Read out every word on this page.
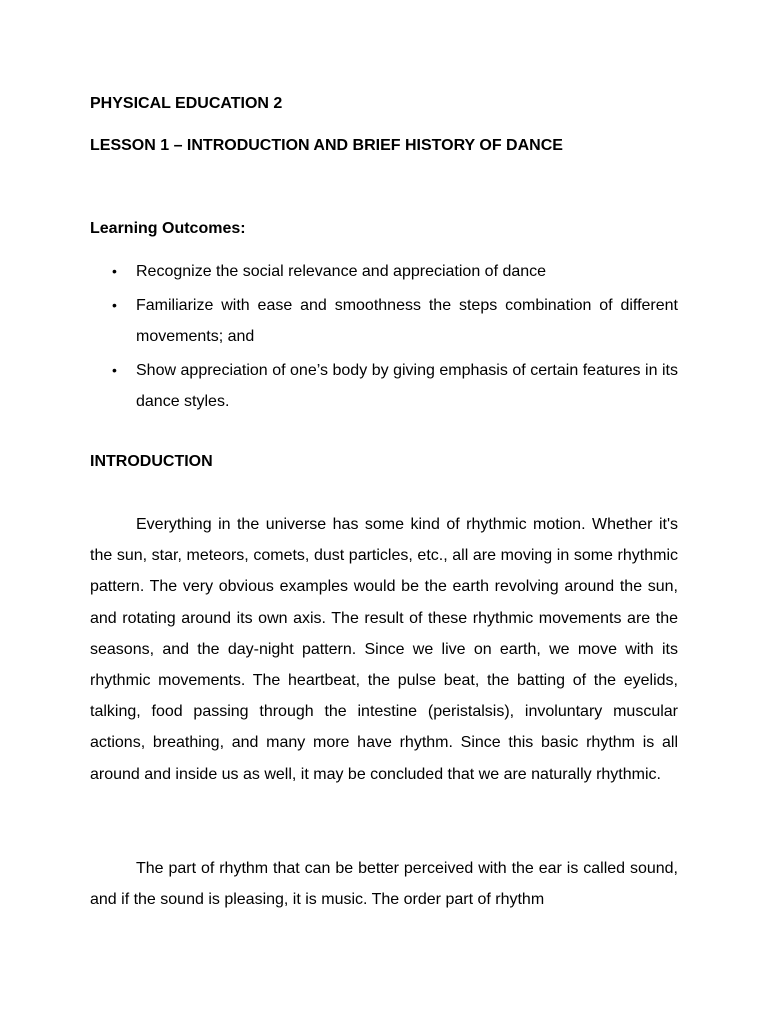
PHYSICAL EDUCATION 2
LESSON 1 – INTRODUCTION AND BRIEF HISTORY OF DANCE
Learning Outcomes:
• Recognize the social relevance and appreciation of dance
• Familiarize with ease and smoothness the steps combination of different movements; and
• Show appreciation of one’s body by giving emphasis of certain features in its dance styles.
INTRODUCTION

Everything in the universe has some kind of rhythmic motion. Whether it's the sun, star, meteors, comets, dust particles, etc., all are moving in some rhythmic pattern. The very obvious examples would be the earth revolving around the sun, and rotating around its own axis. The result of these rhythmic movements are the seasons, and the day-night pattern. Since we live on earth, we move with its rhythmic movements. The heartbeat, the pulse beat, the batting of the eyelids, talking, food passing through the intestine (peristalsis), involuntary muscular actions, breathing, and many more have rhythm. Since this basic rhythm is all around and inside us as well, it may be concluded that we are naturally rhythmic.

The part of rhythm that can be better perceived with the ear is called sound, and if the sound is pleasing, it is music. The order part of rhythm
